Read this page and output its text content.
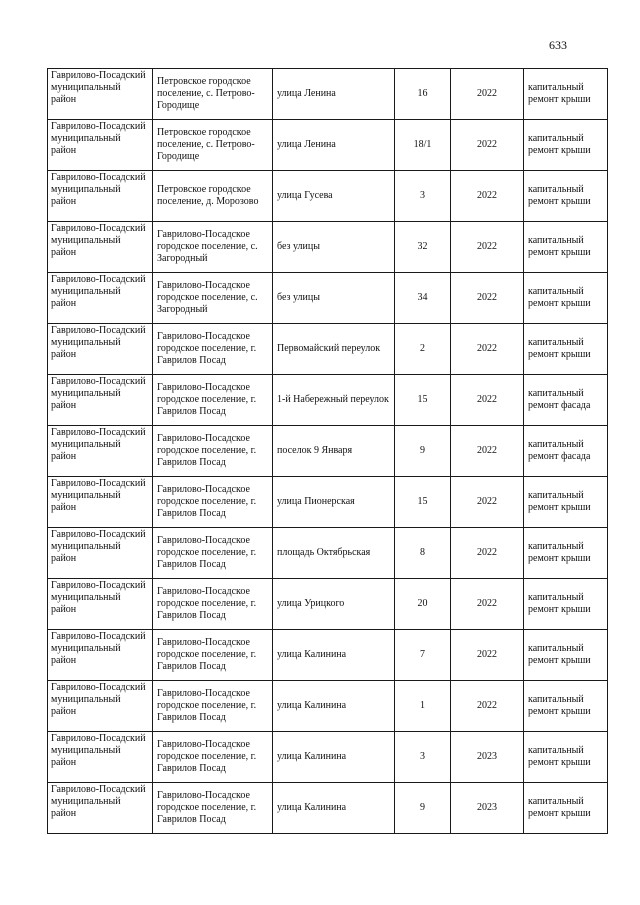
633
Гаврилово-Посадский муниципальный район	Петровское городское поселение, с. Петрово-Городище	улица Ленина	16	2022	капитальный ремонт крыши
Гаврилово-Посадский муниципальный район	Петровское городское поселение, с. Петрово-Городище	улица Ленина	18/1	2022	капитальный ремонт крыши
Гаврилово-Посадский муниципальный район	Петровское городское поселение, д. Морозово	улица Гусева	3	2022	капитальный ремонт крыши
Гаврилово-Посадский муниципальный район	Гаврилово-Посадское городское поселение, с. Загородный	без улицы	32	2022	капитальный ремонт крыши
Гаврилово-Посадский муниципальный район	Гаврилово-Посадское городское поселение, с. Загородный	без улицы	34	2022	капитальный ремонт крыши
Гаврилово-Посадский муниципальный район	Гаврилово-Посадское городское поселение, г. Гаврилов Посад	Первомайский переулок	2	2022	капитальный ремонт крыши
Гаврилово-Посадский муниципальный район	Гаврилово-Посадское городское поселение, г. Гаврилов Посад	1-й Набережный переулок	15	2022	капитальный ремонт фасада
Гаврилово-Посадский муниципальный район	Гаврилово-Посадское городское поселение, г. Гаврилов Посад	поселок 9 Января	9	2022	капитальный ремонт фасада
Гаврилово-Посадский муниципальный район	Гаврилово-Посадское городское поселение, г. Гаврилов Посад	улица Пионерская	15	2022	капитальный ремонт крыши
Гаврилово-Посадский муниципальный район	Гаврилово-Посадское городское поселение, г. Гаврилов Посад	площадь Октябрьская	8	2022	капитальный ремонт крыши
Гаврилово-Посадский муниципальный район	Гаврилово-Посадское городское поселение, г. Гаврилов Посад	улица Урицкого	20	2022	капитальный ремонт крыши
Гаврилово-Посадский муниципальный район	Гаврилово-Посадское городское поселение, г. Гаврилов Посад	улица Калинина	7	2022	капитальный ремонт крыши
Гаврилово-Посадский муниципальный район	Гаврилово-Посадское городское поселение, г. Гаврилов Посад	улица Калинина	1	2022	капитальный ремонт крыши
Гаврилово-Посадский муниципальный район	Гаврилово-Посадское городское поселение, г. Гаврилов Посад	улица Калинина	3	2023	капитальный ремонт крыши
Гаврилово-Посадский муниципальный район	Гаврилово-Посадское городское поселение, г. Гаврилов Посад	улица Калинина	9	2023	капитальный ремонт крыши
